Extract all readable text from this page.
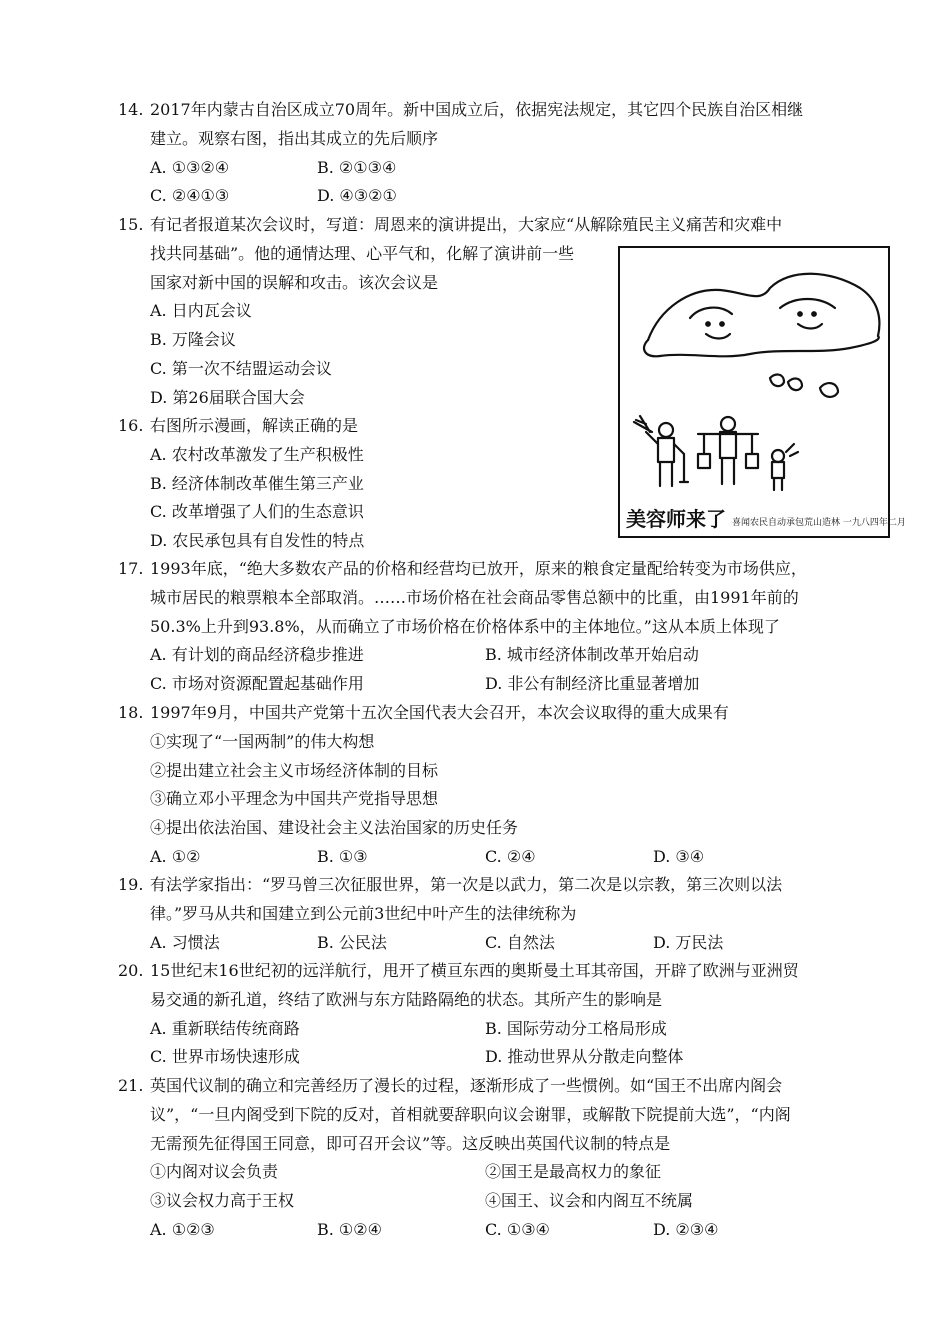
14. 2017年内蒙古自治区成立70周年。新中国成立后，依据宪法规定，其它四个民族自治区相继
建立。观察右图，指出其成立的先后顺序
A. ①③②④	B. ②①③④
C. ②④①③	D. ④③②①
15. 有记者报道某次会议时，写道：周恩来的演讲提出，大家应“从解除殖民主义痛苦和灾难中
找共同基础”。他的通情达理、心平气和，化解了演讲前一些
国家对新中国的误解和攻击。该次会议是
A. 日内瓦会议
B. 万隆会议
C. 第一次不结盟运动会议
D. 第26届联合国大会
16. 右图所示漫画，解读正确的是
A. 农村改革激发了生产积极性
B. 经济体制改革催生第三产业
C. 改革增强了人们的生态意识
D. 农民承包具有自发性的特点
美容师来了 喜闻农民自动承包荒山造林 一九八四年二月
17. 1993年底，“绝大多数农产品的价格和经营均已放开，原来的粮食定量配给转变为市场供应，
城市居民的粮票粮本全部取消。……市场价格在社会商品零售总额中的比重，由1991年前的
50.3%上升到93.8%，从而确立了市场价格在价格体系中的主体地位。”这从本质上体现了
A. 有计划的商品经济稳步推进	B. 城市经济体制改革开始启动
C. 市场对资源配置起基础作用	D. 非公有制经济比重显著增加
18. 1997年9月，中国共产党第十五次全国代表大会召开，本次会议取得的重大成果有
①实现了“一国两制”的伟大构想
②提出建立社会主义市场经济体制的目标
③确立邓小平理念为中国共产党指导思想
④提出依法治国、建设社会主义法治国家的历史任务
A. ①②	B. ①③	C. ②④	D. ③④
19. 有法学家指出：“罗马曾三次征服世界，第一次是以武力，第二次是以宗教，第三次则以法
律。”罗马从共和国建立到公元前3世纪中叶产生的法律统称为
A. 习惯法	B. 公民法	C. 自然法	D. 万民法
20. 15世纪末16世纪初的远洋航行，甩开了横亘东西的奥斯曼土耳其帝国，开辟了欧洲与亚洲贸
易交通的新孔道，终结了欧洲与东方陆路隔绝的状态。其所产生的影响是
A. 重新联结传统商路	B. 国际劳动分工格局形成
C. 世界市场快速形成	D. 推动世界从分散走向整体
21. 英国代议制的确立和完善经历了漫长的过程，逐渐形成了一些惯例。如“国王不出席内阁会
议”，“一旦内阁受到下院的反对，首相就要辞职向议会谢罪，或解散下院提前大选”，“内阁
无需预先征得国王同意，即可召开会议”等。这反映出英国代议制的特点是
①内阁对议会负责	②国王是最高权力的象征
③议会权力高于王权	④国王、议会和内阁互不统属
A. ①②③	B. ①②④	C. ①③④	D. ②③④
